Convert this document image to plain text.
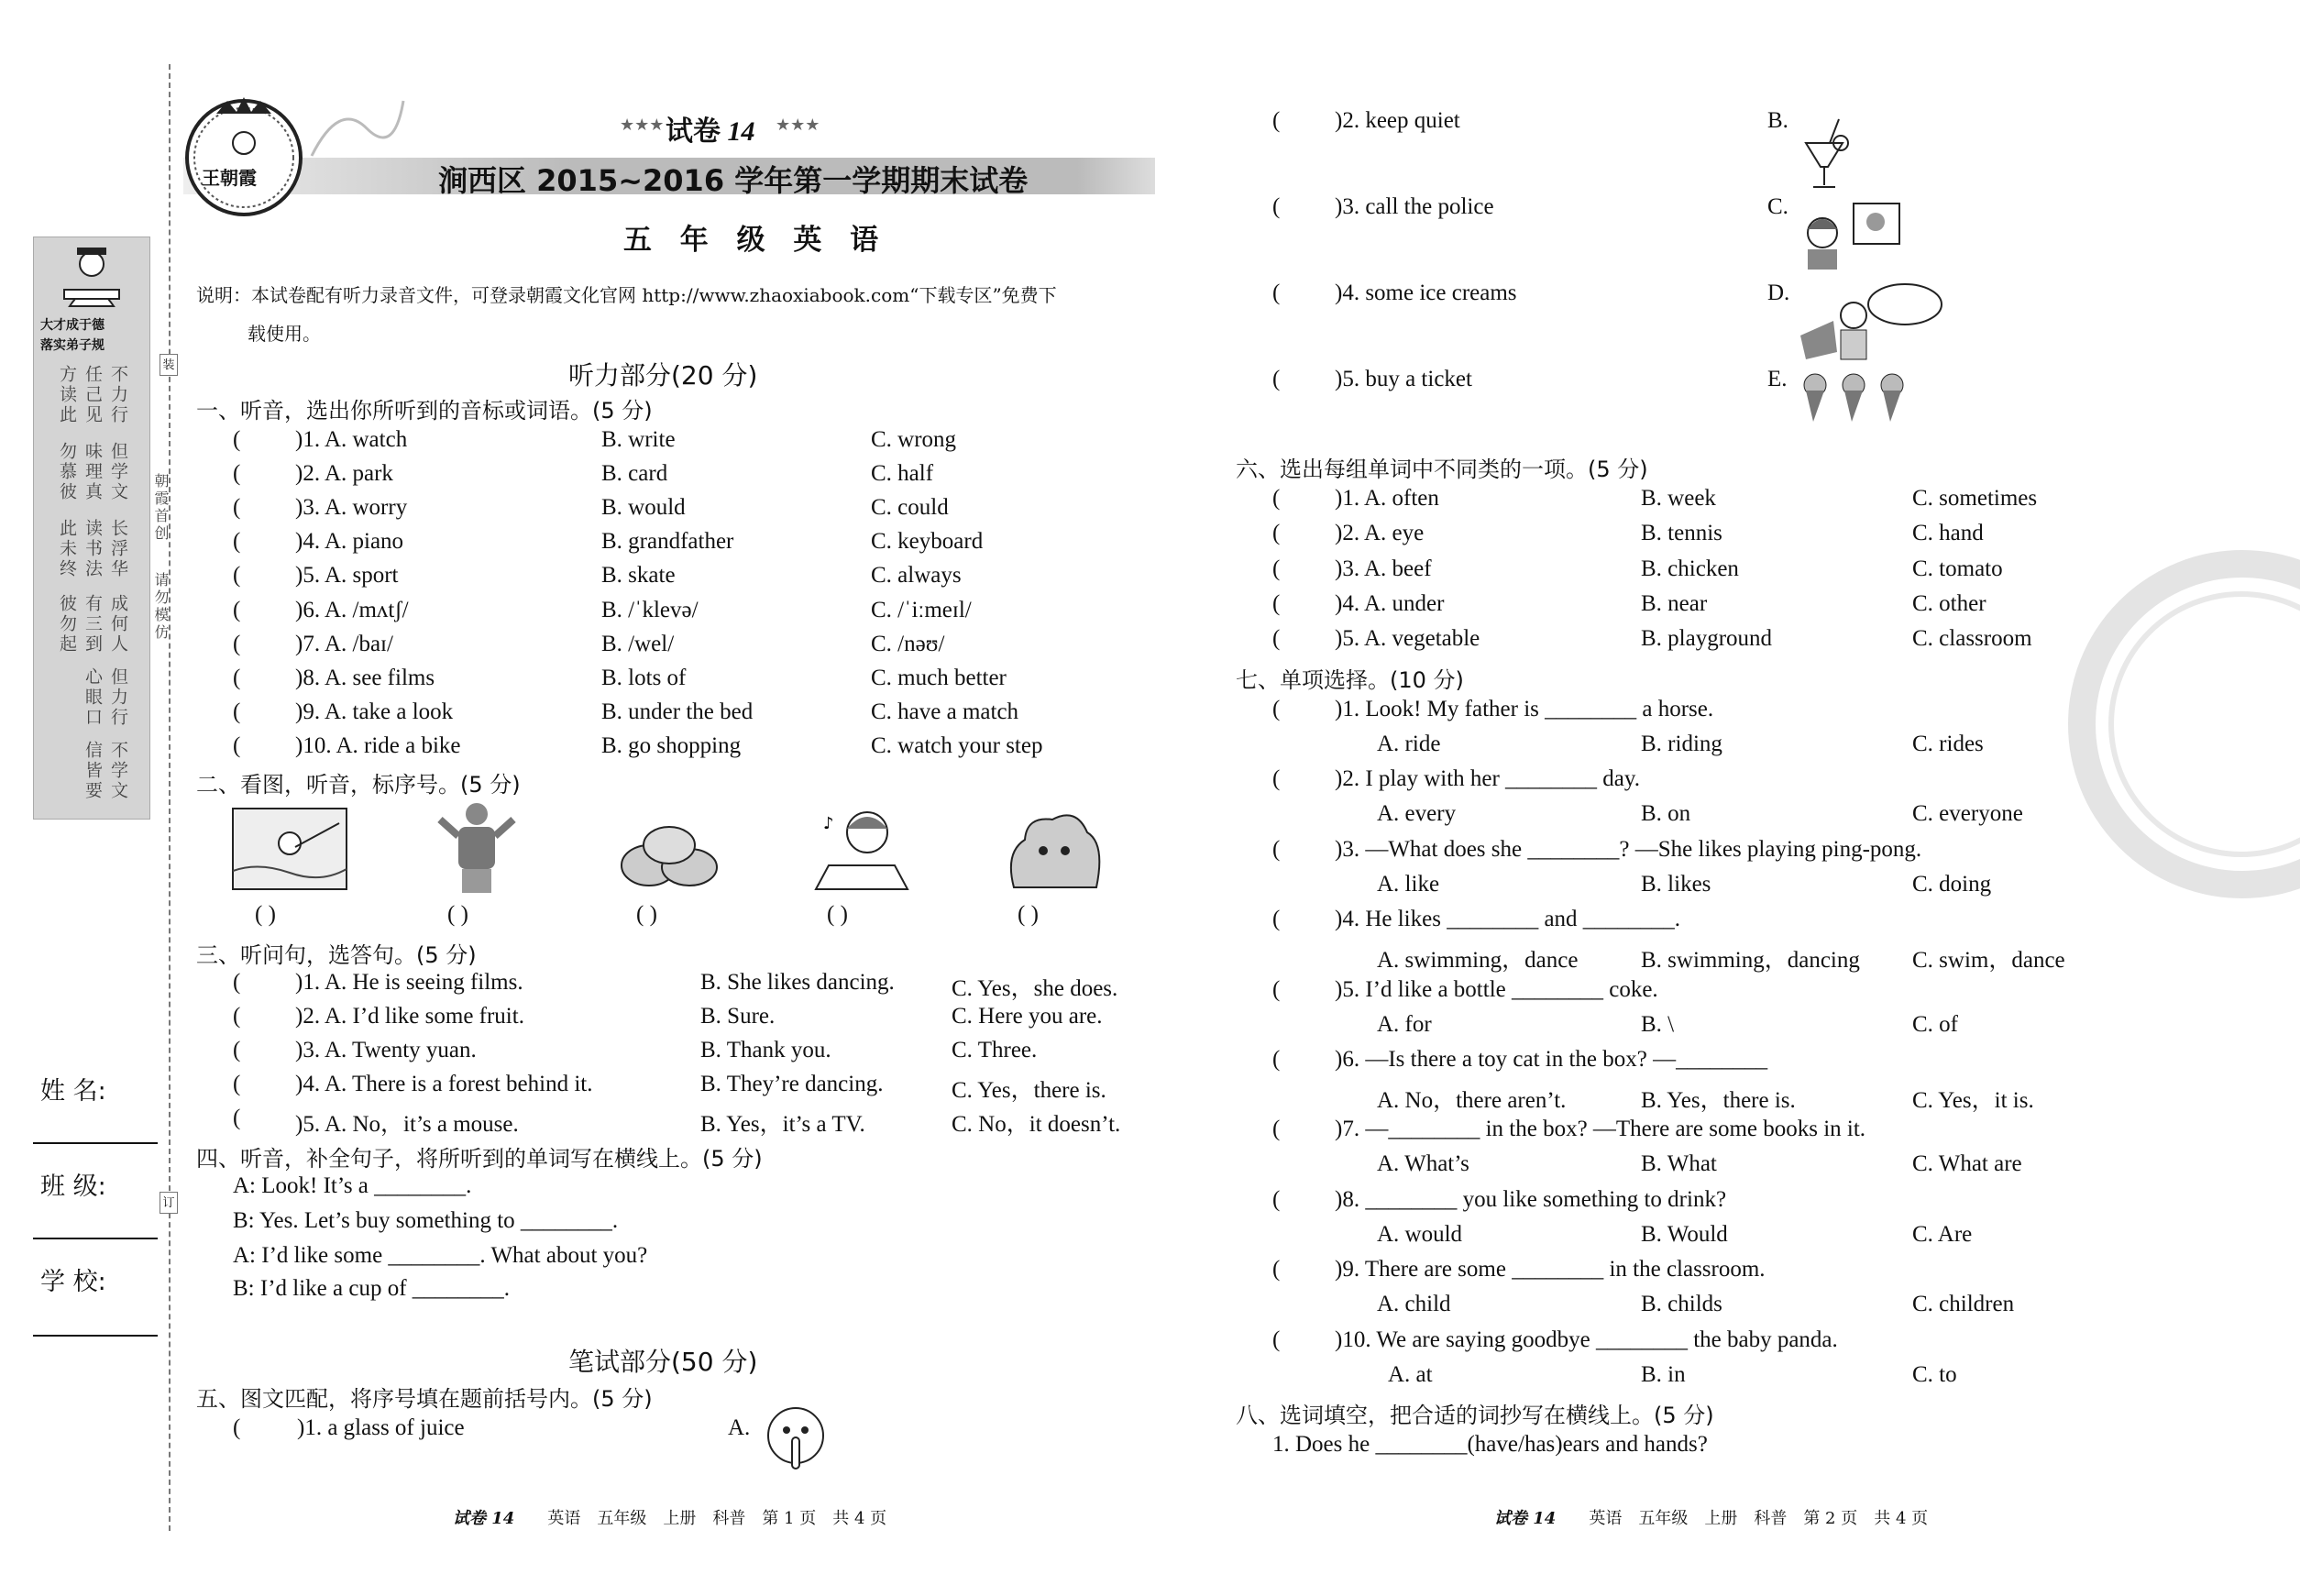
大才成于德
落实弟子规
方读此 任己见 不力行
勿慕彼 味理真 但学文
此未终 读书法 长浮华
彼勿起 有三到 成何人
心眼口 但力行
信皆要 不学文
装
订
朝霞首创
请勿模仿
姓 名:
班 级:
学 校:
王朝霞
★★★ 试卷 14 ★★★
涧西区 2015~2016 学年第一学期期末试卷
五 年 级 英 语
说明：本试卷配有听力录音文件，可登录朝霞文化官网 http://www.zhaoxiabook.com“下载专区”免费下
载使用。
听力部分(20 分)
一、听音，选出你所听到的音标或词语。(5 分)
( )1. A. watch	B. write	C. wrong
( )2. A. park	B. card	C. half
( )3. A. worry	B. would	C. could
( )4. A. piano	B. grandfather	C. keyboard
( )5. A. sport	B. skate	C. always
( )6. A. /mʌtʃ/	B. /ˈklevə/	C. /ˈiːmeɪl/
( )7. A. /baɪ/	B. /wel/	C. /nəʊ/
( )8. A. see films	B. lots of	C. much better
( )9. A. take a look	B. under the bed	C. have a match
( )10. A. ride a bike	B. go shopping	C. watch your step
二、看图，听音，标序号。(5 分)
♪
( )	( )	( )	( )	( )
三、听问句，选答句。(5 分)
( )1. A. He is seeing films.	B. She likes dancing. C. Yes，she does.
( )2. A. I’d like some fruit.	B. Sure.	C. Here you are.
( )3. A. Twenty yuan.	B. Thank you.	C. Three.
( )4. A. There is a forest behind it.	B. They’re dancing.	C. Yes，there is.
( )5. A. No，it’s a mouse.	B. Yes，it’s a TV.	C. No，it doesn’t.
四、听音，补全句子，将所听到的单词写在横线上。(5 分)
A: Look! It’s a ________.
B: Yes. Let’s buy something to ________.
A: I’d like some ________. What about you?
B: I’d like a cup of ________.
笔试部分(50 分)
五、图文匹配，将序号填在题前括号内。(5 分)
( )1. a glass of juice	A.
试卷 14　　 英语　五年级　上册　科普　第 1 页　共 4 页
( )2. keep quiet	B.
( )3. call the police	C.
( )4. some ice creams	D.
( )5. buy a ticket	E.
六、选出每组单词中不同类的一项。(5 分)
( )1. A. often	B. week	C. sometimes
( )2. A. eye	B. tennis	C. hand
( )3. A. beef	B. chicken	C. tomato
( )4. A. under	B. near	C. other
( )5. A. vegetable	B. playground	C. classroom
七、单项选择。(10 分)
( )1. Look! My father is ________ a horse.
A. ride	B. riding	C. rides
( )2. I play with her ________ day.
A. every	B. on	C. everyone
( )3. —What does she ________? —She likes playing ping-pong.
A. like	B. likes	C. doing
( )4. He likes ________ and ________.
A. swimming，dance	B. swimming，dancing C. swim，dance
( )5. I’d like a bottle ________ coke.
A. for	B. \	C. of
( )6. —Is there a toy cat in the box? —________
A. No，there aren’t.	B. Yes，there is.	C. Yes，it is.
( )7. —________ in the box? —There are some books in it.
A. What’s	B. What	C. What are
( )8. ________ you like something to drink?
A. would	B. Would	C. Are
( )9. There are some ________ in the classroom.
A. child	B. childs	C. children
( )10. We are saying goodbye ________ the baby panda.
A. at	B. in	C. to
八、选词填空，把合适的词抄写在横线上。(5 分)
1. Does he ________(have/has)ears and hands?
试卷 14　　 英语　五年级　上册　科普　第 2 页　共 4 页
